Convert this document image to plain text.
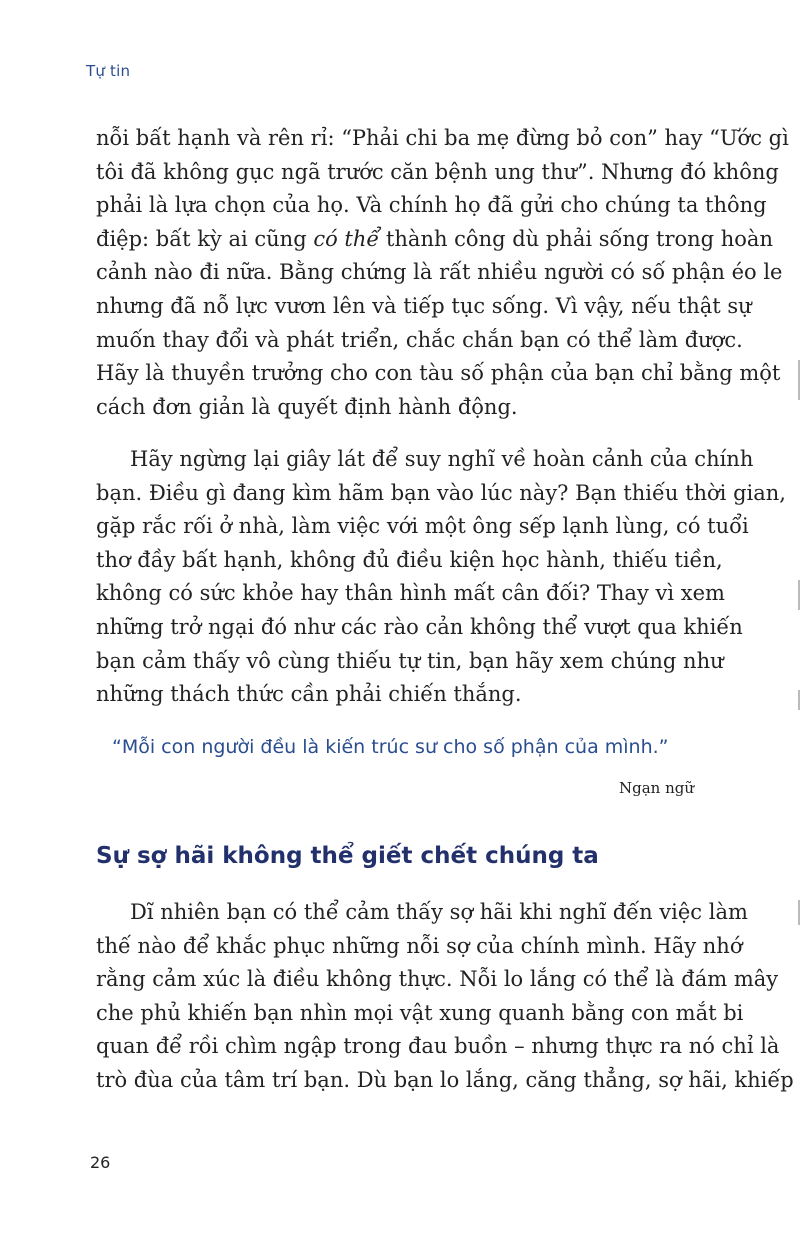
Tự tin
nỗi bất hạnh và rên rỉ: “Phải chi ba mẹ đừng bỏ con” hay “Ước gì
tôi đã không gục ngã trước căn bệnh ung thư”. Nhưng đó không
phải là lựa chọn của họ. Và chính họ đã gửi cho chúng ta thông
điệp: bất kỳ ai cũng có thể thành công dù phải sống trong hoàn
cảnh nào đi nữa. Bằng chứng là rất nhiều người có số phận éo le
nhưng đã nỗ lực vươn lên và tiếp tục sống. Vì vậy, nếu thật sự
muốn thay đổi và phát triển, chắc chắn bạn có thể làm được.
Hãy là thuyền trưởng cho con tàu số phận của bạn chỉ bằng một
cách đơn giản là quyết định hành động.
Hãy ngừng lại giây lát để suy nghĩ về hoàn cảnh của chính
bạn. Điều gì đang kìm hãm bạn vào lúc này? Bạn thiếu thời gian,
gặp rắc rối ở nhà, làm việc với một ông sếp lạnh lùng, có tuổi
thơ đầy bất hạnh, không đủ điều kiện học hành, thiếu tiền,
không có sức khỏe hay thân hình mất cân đối? Thay vì xem
những trở ngại đó như các rào cản không thể vượt qua khiến
bạn cảm thấy vô cùng thiếu tự tin, bạn hãy xem chúng như
những thách thức cần phải chiến thắng.
“Mỗi con người đều là kiến trúc sư cho số phận của mình.”
Ngạn ngữ
Sự sợ hãi không thể giết chết chúng ta
Dĩ nhiên bạn có thể cảm thấy sợ hãi khi nghĩ đến việc làm
thế nào để khắc phục những nỗi sợ của chính mình. Hãy nhớ
rằng cảm xúc là điều không thực. Nỗi lo lắng có thể là đám mây
che phủ khiến bạn nhìn mọi vật xung quanh bằng con mắt bi
quan để rồi chìm ngập trong đau buồn – nhưng thực ra nó chỉ là
trò đùa của tâm trí bạn. Dù bạn lo lắng, căng thẳng, sợ hãi, khiếp
26
